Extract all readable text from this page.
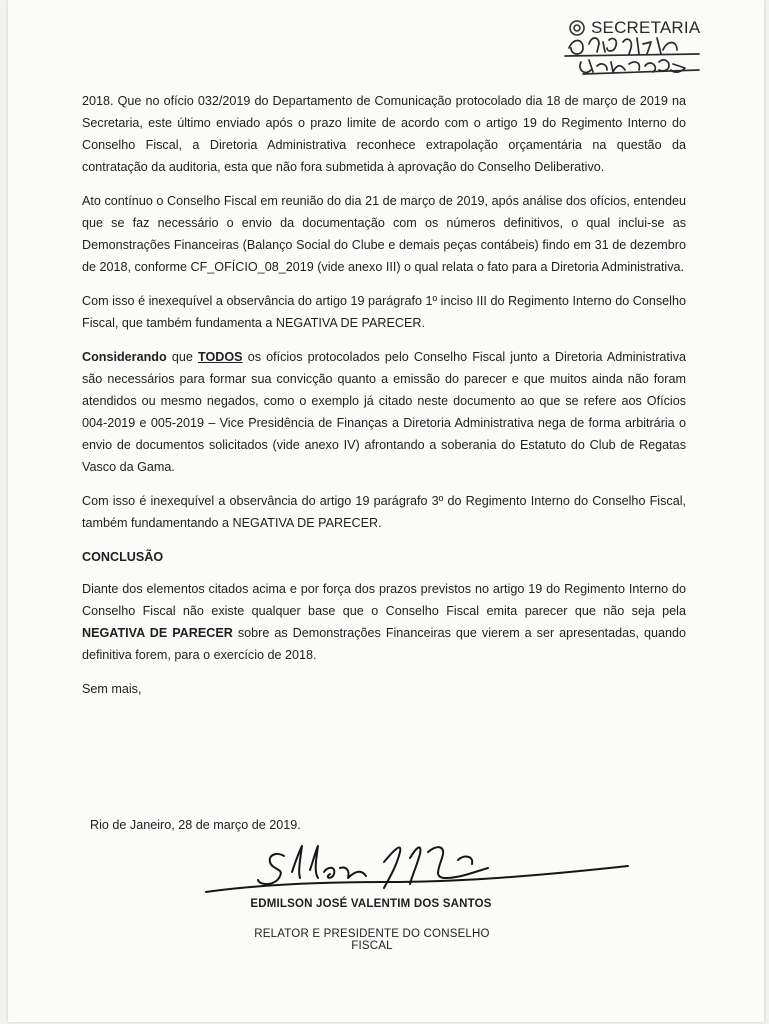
SECRETARIA

2018. Que no ofício 032/2019 do Departamento de Comunicação protocolado dia 18 de março de 2019 na Secretaria, este último enviado após o prazo limite de acordo com o artigo 19 do Regimento Interno do Conselho Fiscal, a Diretoria Administrativa reconhece extrapolação orçamentária na questão da contratação da auditoria, esta que não fora submetida à aprovação do Conselho Deliberativo.

Ato contínuo o Conselho Fiscal em reunião do dia 21 de março de 2019, após análise dos ofícios, entendeu que se faz necessário o envio da documentação com os números definitivos, o qual inclui-se as Demonstrações Financeiras (Balanço Social do Clube e demais peças contábeis) findo em 31 de dezembro de 2018, conforme CF_OFÍCIO_08_2019 (vide anexo III) o qual relata o fato para a Diretoria Administrativa.

Com isso é inexequível a observância do artigo 19 parágrafo 1º inciso III do Regimento Interno do Conselho Fiscal, que também fundamenta a NEGATIVA DE PARECER.

Considerando que TODOS os ofícios protocolados pelo Conselho Fiscal junto a Diretoria Administrativa são necessários para formar sua convicção quanto a emissão do parecer e que muitos ainda não foram atendidos ou mesmo negados, como o exemplo já citado neste documento ao que se refere aos Ofícios 004-2019 e 005-2019 – Vice Presidência de Finanças a Diretoria Administrativa nega de forma arbitrária o envio de documentos solicitados (vide anexo IV) afrontando a soberania do Estatuto do Club de Regatas Vasco da Gama.

Com isso é inexequível a observância do artigo 19 parágrafo 3º do Regimento Interno do Conselho Fiscal, também fundamentando a NEGATIVA DE PARECER.

CONCLUSÃO

Diante dos elementos citados acima e por força dos prazos previstos no artigo 19 do Regimento Interno do Conselho Fiscal não existe qualquer base que o Conselho Fiscal emita parecer que não seja pela NEGATIVA DE PARECER sobre as Demonstrações Financeiras que vierem a ser apresentadas, quando definitiva forem, para o exercício de 2018.

Sem mais,

Rio de Janeiro, 28 de março de 2019.
EDMILSON JOSÉ VALENTIM DOS SANTOS
RELATOR E PRESIDENTE DO CONSELHO FISCAL
